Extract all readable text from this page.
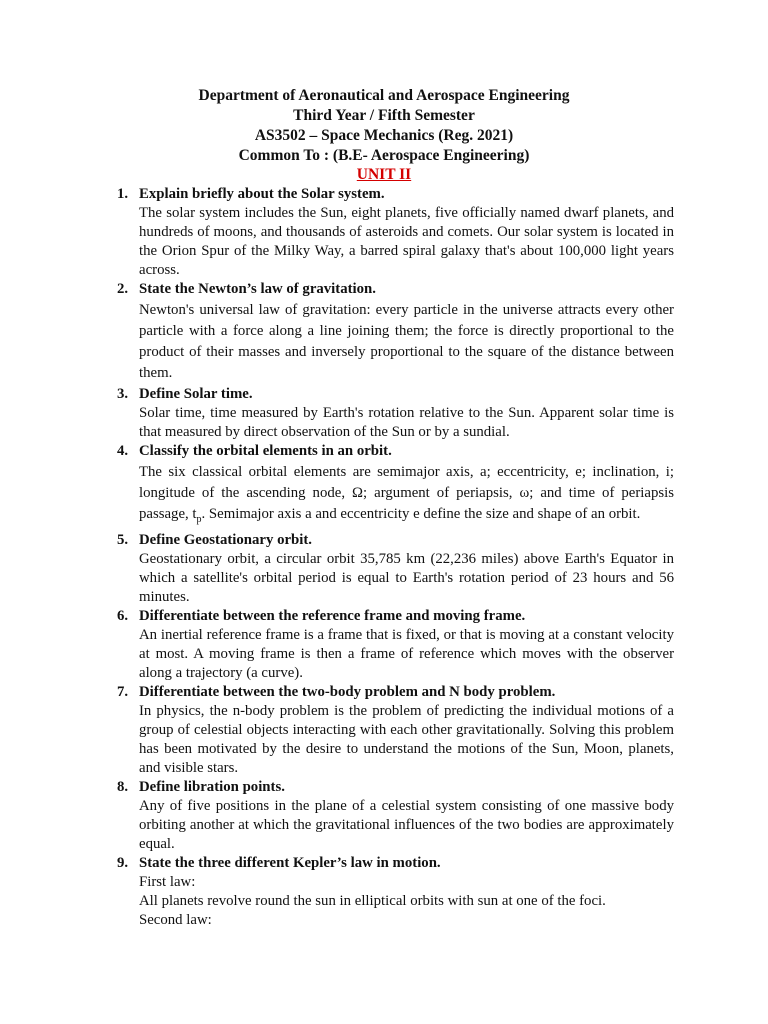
Department of Aeronautical and Aerospace Engineering
Third Year / Fifth Semester
AS3502 – Space Mechanics (Reg. 2021)
Common To : (B.E- Aerospace Engineering)
UNIT II
1. Explain briefly about the Solar system.
The solar system includes the Sun, eight planets, five officially named dwarf planets, and hundreds of moons, and thousands of asteroids and comets. Our solar system is located in the Orion Spur of the Milky Way, a barred spiral galaxy that's about 100,000 light years across.
2. State the Newton’s law of gravitation.
Newton's universal law of gravitation: every particle in the universe attracts every other particle with a force along a line joining them; the force is directly proportional to the product of their masses and inversely proportional to the square of the distance between them.
3. Define Solar time.
Solar time, time measured by Earth's rotation relative to the Sun. Apparent solar time is that measured by direct observation of the Sun or by a sundial.
4. Classify the orbital elements in an orbit.
The six classical orbital elements are semimajor axis, a; eccentricity, e; inclination, i; longitude of the ascending node, Ω; argument of periapsis, ω; and time of periapsis passage, $t_p$. Semimajor axis a and eccentricity e define the size and shape of an orbit.
5. Define Geostationary orbit.
Geostationary orbit, a circular orbit 35,785 km (22,236 miles) above Earth's Equator in which a satellite's orbital period is equal to Earth's rotation period of 23 hours and 56 minutes.
6. Differentiate between the reference frame and moving frame.
An inertial reference frame is a frame that is fixed, or that is moving at a constant velocity at most. A moving frame is then a frame of reference which moves with the observer along a trajectory (a curve).
7. Differentiate between the two-body problem and N body problem.
In physics, the n-body problem is the problem of predicting the individual motions of a group of celestial objects interacting with each other gravitationally. Solving this problem has been motivated by the desire to understand the motions of the Sun, Moon, planets, and visible stars.
8. Define libration points.
Any of five positions in the plane of a celestial system consisting of one massive body orbiting another at which the gravitational influences of the two bodies are approximately equal.
9. State the three different Kepler’s law in motion.
First law:
All planets revolve round the sun in elliptical orbits with sun at one of the foci.
Second law:
